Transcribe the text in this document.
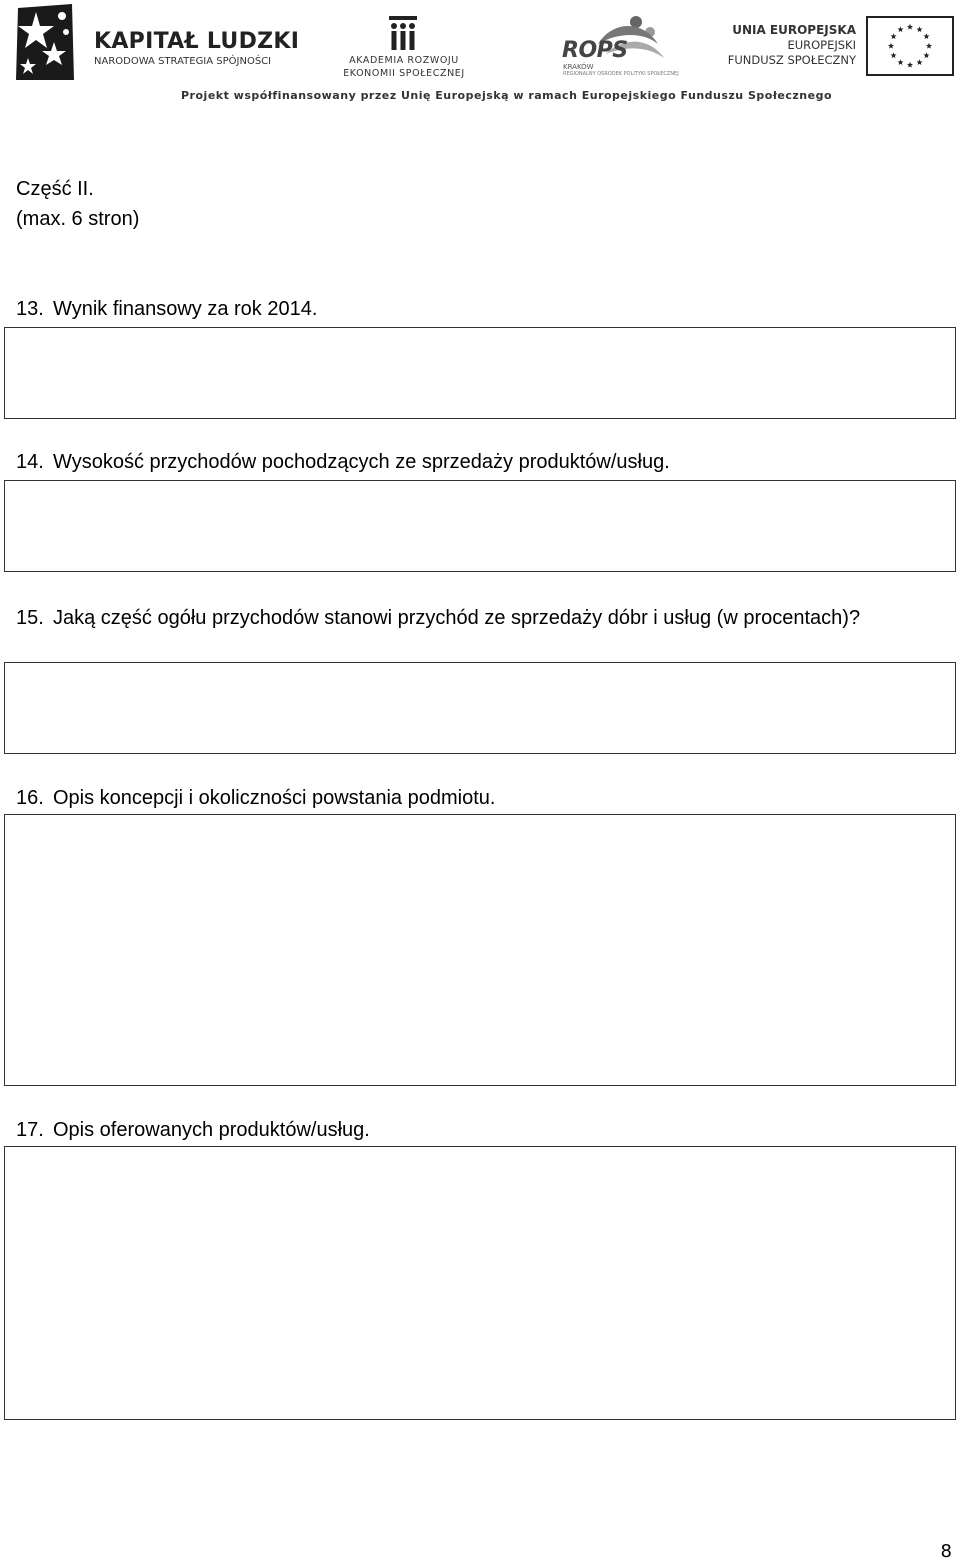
KAPITAŁ LUDZKI
NARODOWA STRATEGIA SPÓJNOŚCI	AKADEMIA ROZWOJU
EKONOMII SPOŁECZNEJ
ROPS
KRAKÓW
REGIONALNY OŚRODEK POLITYKI SPOŁECZNEJ
UNIA EUROPEJSKA
EUROPEJSKI
FUNDUSZ SPOŁECZNY
Projekt współfinansowany przez Unię Europejską w ramach Europejskiego Funduszu Społecznego
Część II.
(max. 6 stron)
13. Wynik finansowy za rok 2014.
14. Wysokość przychodów pochodzących ze sprzedaży produktów/usług.
15. Jaką część ogółu przychodów stanowi przychód ze sprzedaży dóbr i usług (w procentach)?
16. Opis koncepcji i okoliczności powstania podmiotu.
17. Opis oferowanych produktów/usług.
8
